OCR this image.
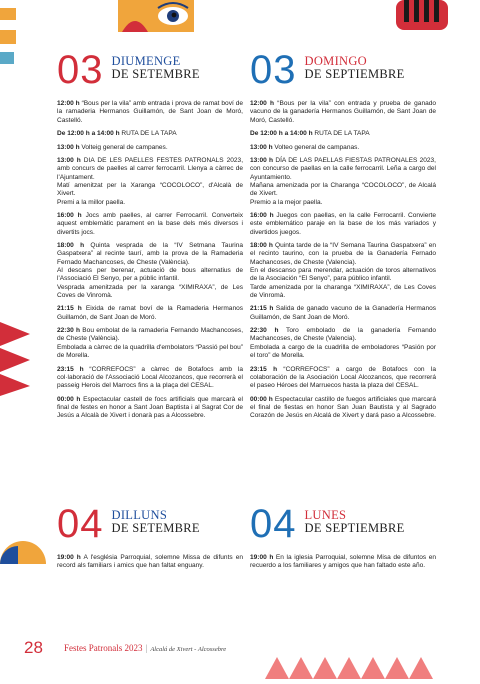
03 DIUMENGE
DE SETEMBRE

12:00 h “Bous per la vila” amb entrada i prova de ramat boví de la ramaderia Hermanos Guillamón, de Sant Joan de Moró, Castelló.

De 12:00 h a 14:00 h RUTA DE LA TAPA

13:00 h Volteig general de campanes.

13:00 h DIA DE LES PAELLES FESTES PATRONALS 2023, amb concurs de paelles al carrer ferrocarril. Llenya a càrrec de l'Ajuntament.
Matí amenitzat per la Xaranga “COCOLOCO”, d'Alcalà de Xivert.
Premi a la millor paella.

16:00 h Jocs amb paelles, al carrer Ferrocarril. Converteix aquest emblemàtic parament en la base dels més diversos i divertits jocs.

18:00 h Quinta vesprada de la “IV Setmana Taurina Gaspatxera” al recinte taurí, amb la prova de la Ramaderia Fernado Machancoses, de Cheste (València).
Al descans per berenar, actuació de bous alternatius de l'Associació El Senyo, per a públic infantil.
Vesprada amenitzada per la xaranga “XIMIRAXA”, de Les Coves de Vinromà.

21:15 h Eixida de ramat boví de la Ramaderia Hermanos Guillamón, de Sant Joan de Moró.

22:30 h Bou embolat de la ramaderia Fernando Machancoses, de Cheste (València).
Embolada a càrrec de la quadrilla d'embolators “Passió pel bou” de Morella.

23:15 h “CORREFOCS” a càrrec de Botafocs amb la col·laboració de l'Associació Local Alcozancos, que recorrerà el passeig Herois del Marrocs fins a la plaça del CESAL.

00:00 h Espectacular castell de focs artificials que marcarà el final de festes en honor a Sant Joan Baptista i al Sagrat Cor de Jesús a Alcalà de Xivert i donarà pas a Alcossebre.

04 DILLUNS
DE SETEMBRE

19:00 h A l'església Parroquial, solemne Missa de difunts en record als familiars i amics que han faltat enguany.

03 DOMINGO
DE SEPTIEMBRE

12:00 h “Bous per la vila” con entrada y prueba de ganado vacuno de la ganadería Hermanos Guillamón, de Sant Joan de Moró, Castelló.

De 12:00 h a 14:00 h RUTA DE LA TAPA

13:00 h Volteo general de campanas.

13:00 h DÍA DE LAS PAELLAS FIESTAS PATRONALES 2023, con concurso de paellas en la calle ferrocarril. Leña a cargo del Ayuntamiento.
Mañana amenizada por la Charanga “COCOLOCO”, de Alcalá de Xivert.
Premio a la mejor paella.

16:00 h Juegos con paellas, en la calle Ferrocarril. Convierte este emblemático paraje en la base de los más variados y divertidos juegos.

18:00 h Quinta tarde de la “IV Semana Taurina Gaspatxera” en el recinto taurino, con la prueba de la Ganadería Fernado Machancoses, de Cheste (Valencia).
En el descanso para merendar, actuación de toros alternativos de la Asociación “El Senyo”, para público infantil.
Tarde amenizada por la charanga “XIMIRAXA”, de Les Coves de Vinromà.

21:15 h Salida de ganado vacuno de la Ganadería Hermanos Guillamón, de Sant Joan de Moró.

22:30 h Toro embolado de la ganadería Fernando Machancoses, de Cheste (Valencia).
Embolada a cargo de la cuadrilla de emboladores “Pasión por el toro” de Morella.

23:15 h “CORREFOCS” a cargo de Botafocs con la colaboración de la Asociación Local Alcozancos, que recorrerá el paseo Héroes del Marruecos hasta la plaza del CESAL.

00:00 h Espectacular castillo de fuegos artificiales que marcará el final de fiestas en honor San Juan Bautista y al Sagrado Corazón de Jesús en Alcalá de Xivert y dará paso a Alcossebre.

04 LUNES
DE SEPTIEMBRE

19:00 h En la iglesia Parroquial, solemne Misa de difuntos en recuerdo a los familiares y amigos que han faltado este año.

28 Festes Patronals 2023 | Alcalá de Xivert - Alcossebre
